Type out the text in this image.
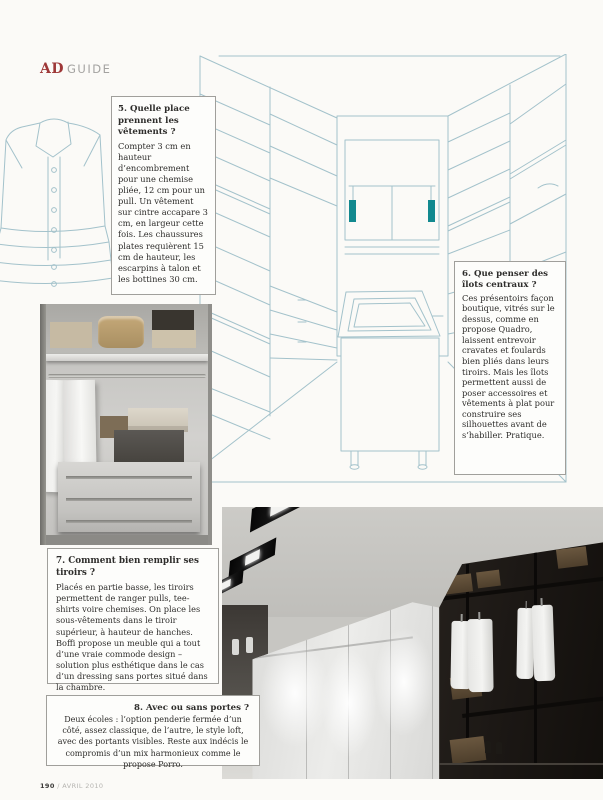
AD GUIDE
5. Quelle place prennent les vêtements ?
Compter 3 cm en hauteur d’encombrement pour une chemise pliée, 12 cm pour un pull. Un vêtement sur cintre accapare 3 cm, en largeur cette fois. Les chaussures plates requièrent 15 cm de hauteur, les escarpins à talon et les bottines 30 cm.	6. Que penser des îlots centraux ?
Ces présentoirs façon boutique, vitrés sur le dessus, comme en propose Quadro, laissent entrevoir cravates et foulards bien pliés dans leurs tiroirs. Mais les îlots permettent aussi de poser accessoires et vêtements à plat pour construire ses silhouettes avant de s’habiller. Pratique.
7. Comment bien remplir ses tiroirs ?
Placés en partie basse, les tiroirs permettent de ranger pulls, tee-shirts voire chemises. On place les sous-vêtements dans le tiroir supérieur, à hauteur de hanches. Boffi propose un meuble qui a tout d’une vraie commode design – solution plus esthétique dans le cas d’un dressing sans portes situé dans la chambre.
8. Avec ou sans portes ?
Deux écoles : l’option penderie fermée d’un côté, assez classique, de l’autre, le style loft, avec des portants visibles. Reste aux indécis le compromis d’un mix harmonieux comme le propose Porro.
190 / AVRIL 2010
